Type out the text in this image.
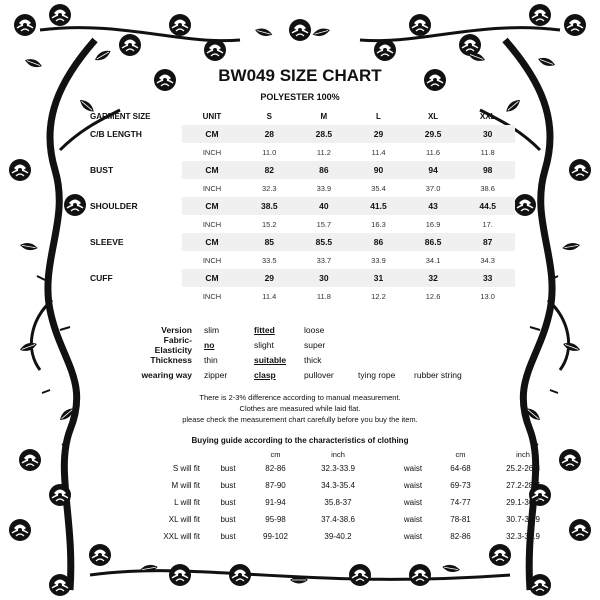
BW049 SIZE CHART
POLYESTER 100%
GARMENT SIZE	UNIT	S	M	L	XL	XXL
C/B LENGTH	CM	28	28.5	29	29.5	30
	INCH	11.0	11.2	11.4	11.6	11.8
BUST	CM	82	86	90	94	98
	INCH	32.3	33.9	35.4	37.0	38.6
SHOULDER	CM	38.5	40	41.5	43	44.5
	INCH	15.2	15.7	16.3	16.9	17.
SLEEVE	CM	85	85.5	86	86.5	87
	INCH	33.5	33.7	33.9	34.1	34.3
CUFF	CM	29	30	31	32	33
	INCH	11.4	11.8	12.2	12.6	13.0
Version	slim	fitted	loose
Fabric-Elasticity	no	slight	super
Thickness	thin	suitable	thick
wearing way	zipper	clasp	pullover	tying rope	rubber string
There is 2-3% difference according to manual measurement.
Clothes are measured while laid flat.
please check the measurement chart carefully before you buy the item.
Buying guide according to the characteristics of clothing
		cm	inch			cm	inch
S will fit	bust	82-86	32.3-33.9		waist	64-68	25.2-26.8
M will fit	bust	87-90	34.3-35.4		waist	69-73	27.2-28.7
L will fit	bust	91-94	35.8-37		waist	74-77	29.1-30.3
XL will fit	bust	95-98	37.4-38.6		waist	78-81	30.7-31.9
XXL will fit	bust	99-102	39-40.2		waist	82-86	32.3-33.9
